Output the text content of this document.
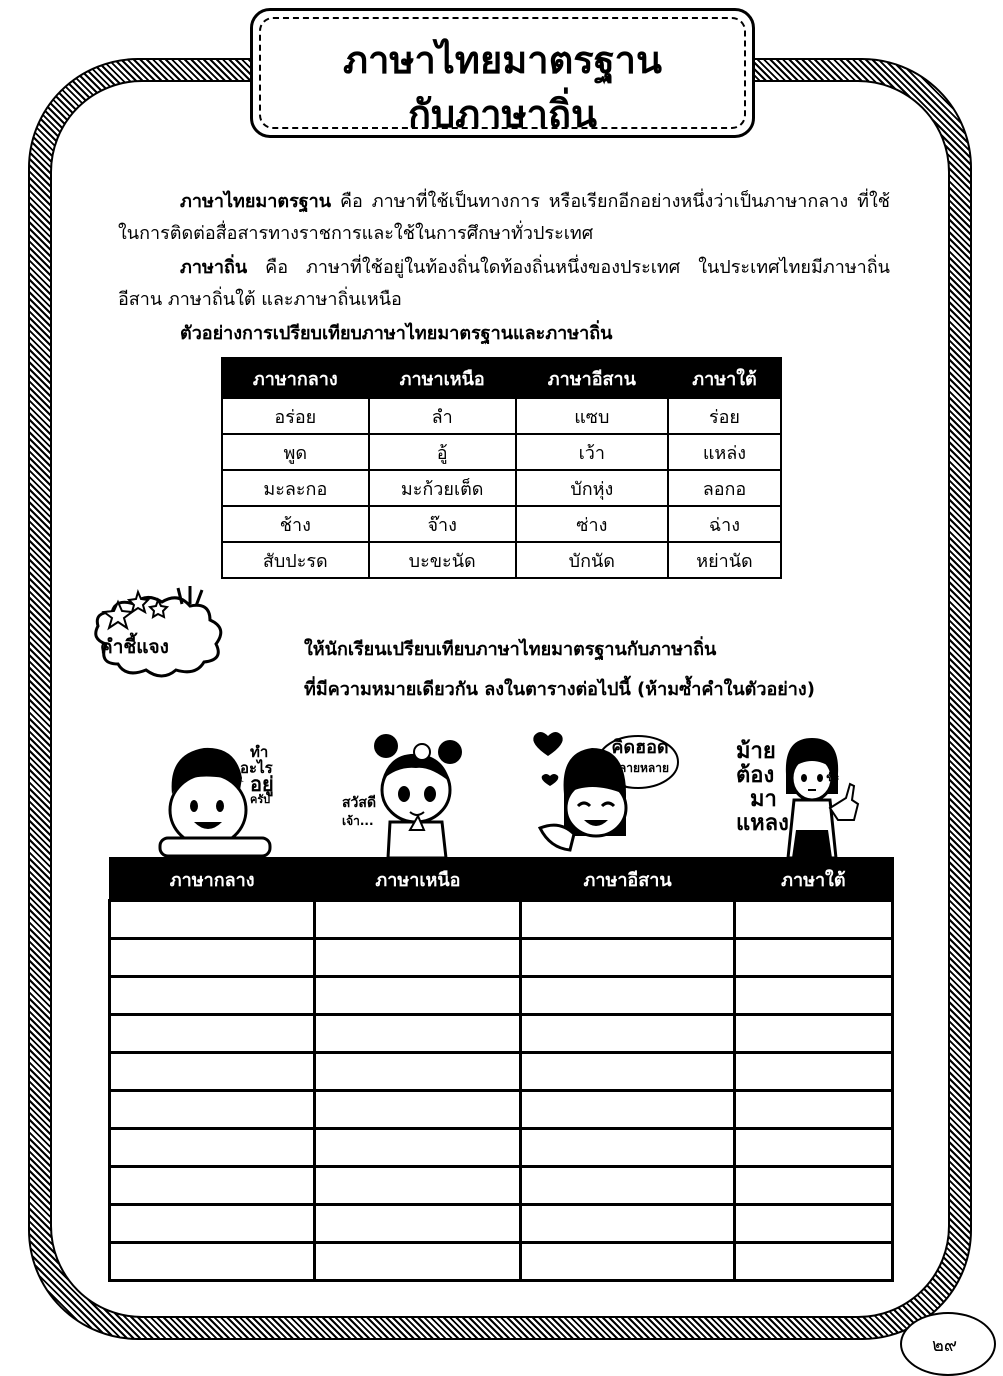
ภาษาไทยมาตรฐาน
กับภาษาถิ่น
ภาษาไทยมาตรฐาน คือ ภาษาที่ใช้เป็นทางการ หรือเรียกอีกอย่างหนึ่งว่าเป็นภาษากลาง ที่ใช้ในการติดต่อสื่อสารทางราชการและใช้ในการศึกษาทั่วประเทศ
ภาษาถิ่น คือ ภาษาที่ใช้อยู่ในท้องถิ่นใดท้องถิ่นหนึ่งของประเทศ ในประเทศไทยมีภาษาถิ่นอีสาน ภาษาถิ่นใต้ และภาษาถิ่นเหนือ
ตัวอย่างการเปรียบเทียบภาษาไทยมาตรฐานและภาษาถิ่น
ภาษากลาง	ภาษาเหนือ	ภาษาอีสาน	ภาษาใต้
อร่อย	ลำ	แซบ	ร่อย
พูด	อู้	เว้า	แหล่ง
มะละกอ	มะก้วยเต็ด	บักหุ่ง	ลอกอ
ช้าง	จ๊าง	ซ่าง	ฉ่าง
สับปะรด	บะขะนัด	บักนัด	หย่านัด
คำชี้แจง	ให้นักเรียนเปรียบเทียบภาษาไทยมาตรฐานกับภาษาถิ่น
ที่มีความหมายเดียวกัน ลงในตารางต่อไปนี้ (ห้ามซ้ำคำในตัวอย่าง)
ทำ
อะไร
อยู่
ครับ	สวัสดี
เจ้า...
คิดฮอด
หลายหลาย
ม้าย
ต้อง
มา
แหลง
ช๊ะ
ภาษากลาง	ภาษาเหนือ	ภาษาอีสาน	ภาษาใต้

๒๙
